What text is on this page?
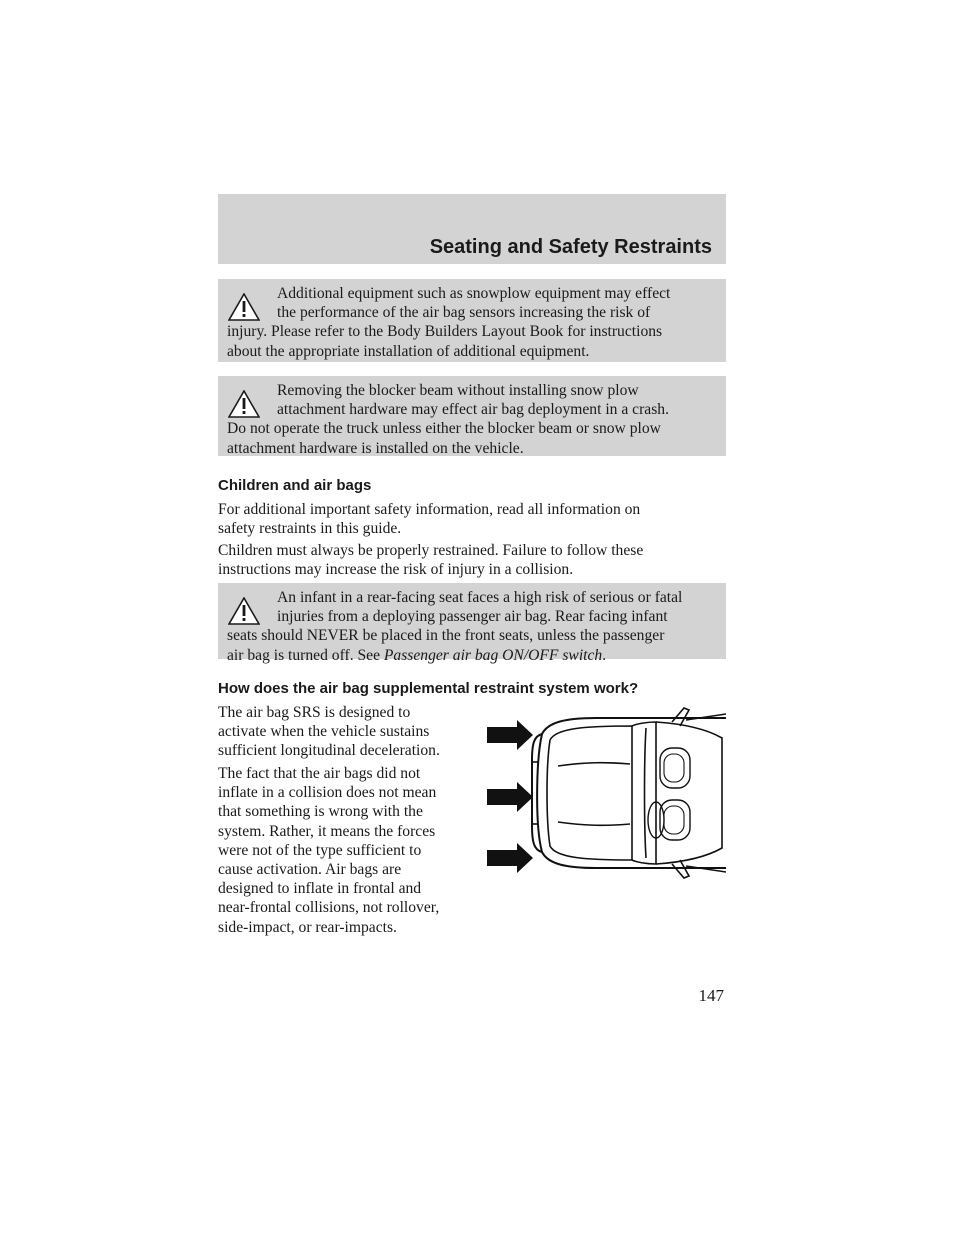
Seating and Safety Restraints
Additional equipment such as snowplow equipment may effect
the performance of the air bag sensors increasing the risk of
injury. Please refer to the Body Builders Layout Book for instructions
about the appropriate installation of additional equipment.
Removing the blocker beam without installing snow plow
attachment hardware may effect air bag deployment in a crash.
Do not operate the truck unless either the blocker beam or snow plow
attachment hardware is installed on the vehicle.
Children and air bags
For additional important safety information, read all information on
safety restraints in this guide.
Children must always be properly restrained. Failure to follow these
instructions may increase the risk of injury in a collision.
An infant in a rear-facing seat faces a high risk of serious or fatal
injuries from a deploying passenger air bag. Rear facing infant
seats should NEVER be placed in the front seats, unless the passenger
air bag is turned off. See Passenger air bag ON/OFF switch.
How does the air bag supplemental restraint system work?
The air bag SRS is designed to
activate when the vehicle sustains
sufficient longitudinal deceleration.
The fact that the air bags did not
inflate in a collision does not mean
that something is wrong with the
system. Rather, it means the forces
were not of the type sufficient to
cause activation. Air bags are
designed to inflate in frontal and
near-frontal collisions, not rollover,
side-impact, or rear-impacts.
147
